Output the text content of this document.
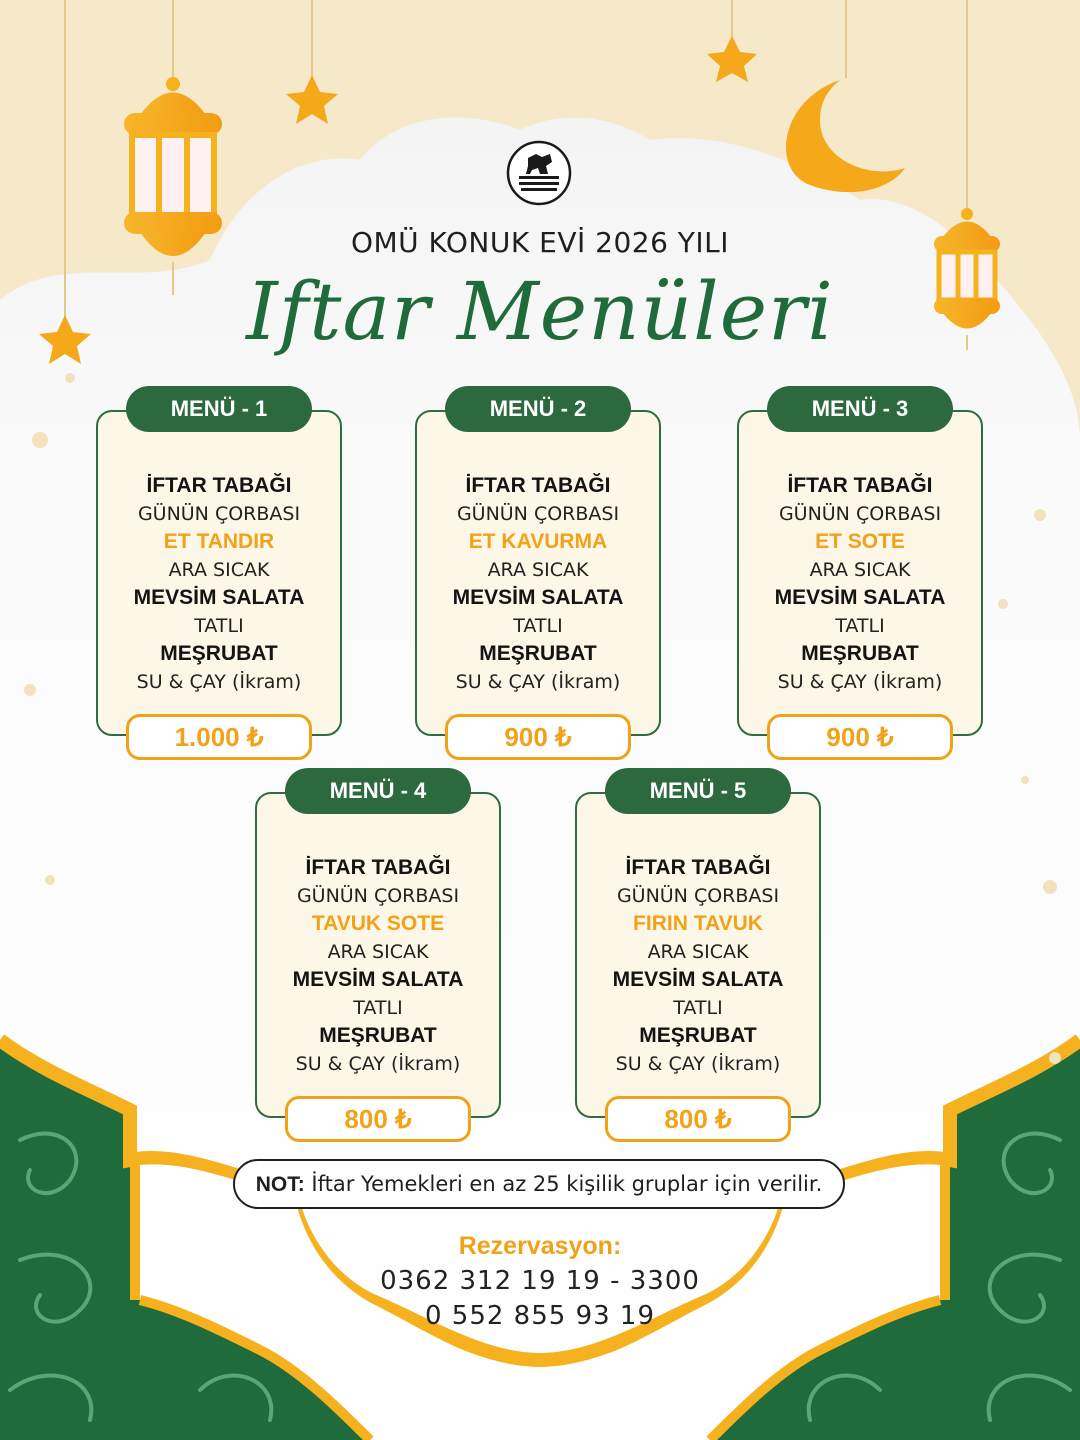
OMÜ KONUK EVİ 2026 YILI
Iftar Menüleri
MENÜ - 1
İFTAR TABAĞI
GÜNÜN ÇORBASI
ET TANDIR
ARA SICAK
MEVSİM SALATA
TATLI
MEŞRUBAT
SU & ÇAY (İkram)
1.000 ₺
MENÜ - 2
İFTAR TABAĞI
GÜNÜN ÇORBASI
ET KAVURMA
ARA SICAK
MEVSİM SALATA
TATLI
MEŞRUBAT
SU & ÇAY (İkram)
900 ₺
MENÜ - 3
İFTAR TABAĞI
GÜNÜN ÇORBASI
ET SOTE
ARA SICAK
MEVSİM SALATA
TATLI
MEŞRUBAT
SU & ÇAY (İkram)
900 ₺
MENÜ - 4
İFTAR TABAĞI
GÜNÜN ÇORBASI
TAVUK SOTE
ARA SICAK
MEVSİM SALATA
TATLI
MEŞRUBAT
SU & ÇAY (İkram)
800 ₺
MENÜ - 5
İFTAR TABAĞI
GÜNÜN ÇORBASI
FIRIN TAVUK
ARA SICAK
MEVSİM SALATA
TATLI
MEŞRUBAT
SU & ÇAY (İkram)
800 ₺
NOT: İftar Yemekleri en az 25 kişilik gruplar için verilir.
Rezervasyon:
0362 312 19 19 - 3300
0 552 855 93 19
